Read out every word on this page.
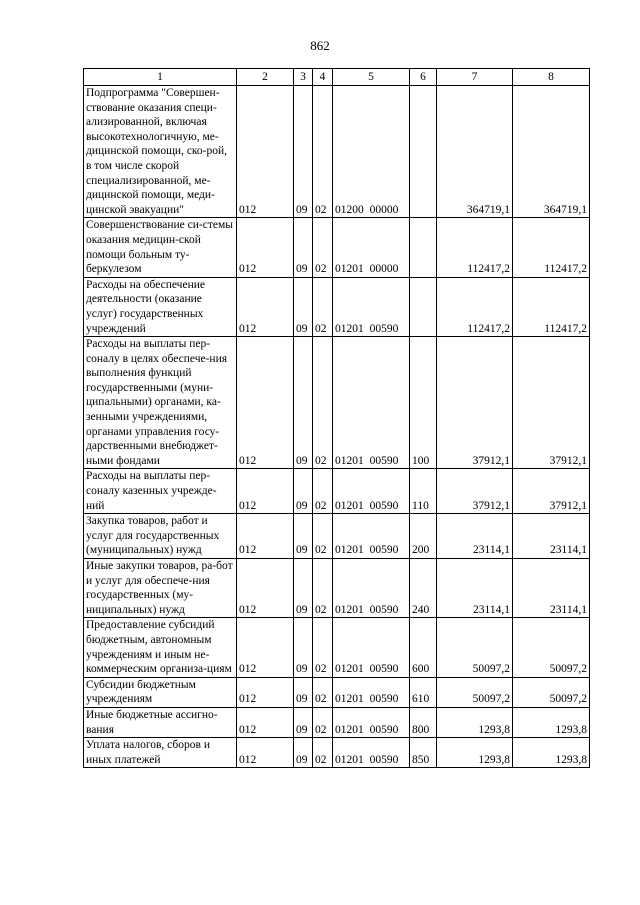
862
1	2	3	4	5	6	7	8
Подпрограмма "Совершен-ствование оказания специ-ализированной, включая высокотехнологичную, ме-дицинской помощи, ско-рой, в том числе скорой специализированной, ме-дицинской помощи, меди-цинской эвакуации"	012	09	02	01200 00000		364719,1	364719,1
Совершенствование си-стемы оказания медицин-ской помощи больным ту-беркулезом	012	09	02	01201 00000		112417,2	112417,2
Расходы на обеспечение деятельности (оказание услуг) государственных учреждений	012	09	02	01201 00590		112417,2	112417,2
Расходы на выплаты пер-соналу в целях обеспече-ния выполнения функций государственными (муни-ципальными) органами, ка-зенными учреждениями, органами управления госу-дарственными внебюджет-ными фондами	012	09	02	01201 00590	100	37912,1	37912,1
Расходы на выплаты пер-соналу казенных учрежде-ний	012	09	02	01201 00590	110	37912,1	37912,1
Закупка товаров, работ и услуг для государственных (муниципальных) нужд	012	09	02	01201 00590	200	23114,1	23114,1
Иные закупки товаров, ра-бот и услуг для обеспече-ния государственных (му-ниципальных) нужд	012	09	02	01201 00590	240	23114,1	23114,1
Предоставление субсидий бюджетным, автономным учреждениям и иным не-коммерческим организа-циям	012	09	02	01201 00590	600	50097,2	50097,2
Субсидии бюджетным учреждениям	012	09	02	01201 00590	610	50097,2	50097,2
Иные бюджетные ассигно-вания	012	09	02	01201 00590	800	1293,8	1293,8
Уплата налогов, сборов и иных платежей	012	09	02	01201 00590	850	1293,8	1293,8
